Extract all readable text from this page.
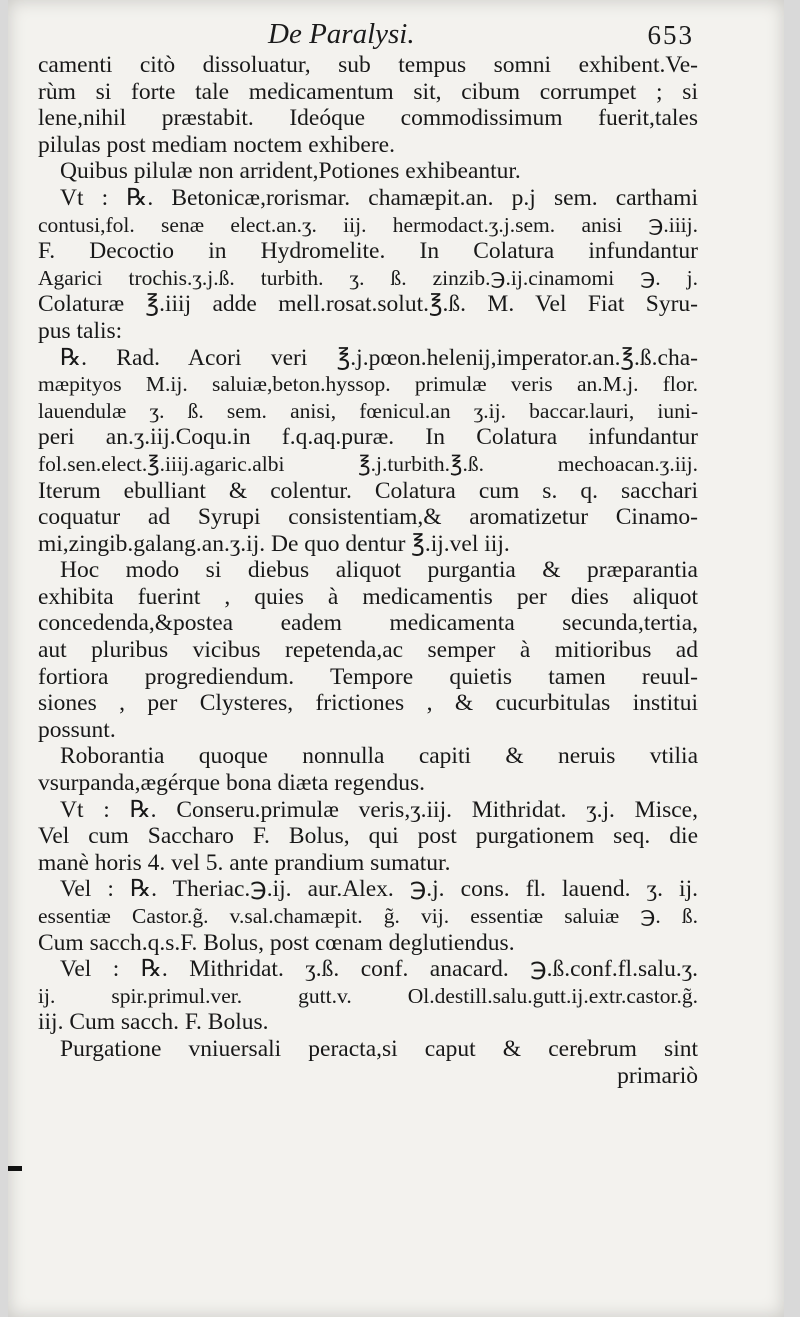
De Paralysi.	653
camenti citò dissoluatur, sub tempus somni exhibent.Ve-
rùm si forte tale medicamentum sit, cibum corrumpet ; si
lene,nihil præstabit. Ideóque commodissimum fuerit,tales
pilulas post mediam noctem exhibere.
Quibus pilulæ non arrident,Potiones exhibeantur.
Vt : ℞. Betonicæ,rorismar. chamæpit.an. p.j sem. carthami
contusi,fol. senæ elect.an.ʒ. iij. hermodact.ʒ.j.sem. anisi ℈.iiij.
F. Decoctio in Hydromelite. In Colatura infundantur
Agarici trochis.ʒ.j.ß. turbith. ʒ. ß. zinzib.℈.ij.cinamomi ℈. j.
Colaturæ ℥.iiij adde mell.rosat.solut.℥.ß. M. Vel Fiat Syru-
pus talis:
℞. Rad. Acori veri ℥.j.pœon.helenij,imperator.an.℥.ß.cha-
mæpityos M.ij. saluiæ,beton.hyssop. primulæ veris an.M.j. flor.
lauendulæ ʒ. ß. sem. anisi, fœnicul.an ʒ.ij. baccar.lauri, iuni-
peri an.ʒ.iij.Coqu.in f.q.aq.puræ. In Colatura infundantur
fol.sen.elect.℥.iiij.agaric.albi ℥.j.turbith.℥.ß. mechoacan.ʒ.iij.
Iterum ebulliant & colentur. Colatura cum s. q. sacchari
coquatur ad Syrupi consistentiam,& aromatizetur Cinamo-
mi,zingib.galang.an.ʒ.ij. De quo dentur ℥.ij.vel iij.
Hoc modo si diebus aliquot purgantia & præparantia
exhibita fuerint , quies à medicamentis per dies aliquot
concedenda,&postea eadem medicamenta secunda,tertia,
aut pluribus vicibus repetenda,ac semper à mitioribus ad
fortiora progrediendum. Tempore quietis tamen reuul-
siones , per Clysteres, frictiones , & cucurbitulas institui
possunt.
Roborantia quoque nonnulla capiti & neruis vtilia
vsurpanda,ægérque bona diæta regendus.
Vt : ℞. Conseru.primulæ veris,ʒ.iij. Mithridat. ʒ.j. Misce,
Vel cum Saccharo F. Bolus, qui post purgationem seq. die
manè horis 4. vel 5. ante prandium sumatur.
Vel : ℞. Theriac.℈.ij. aur.Alex. ℈.j. cons. fl. lauend. ʒ. ij.
essentiæ Castor.g̃. v.sal.chamæpit. g̃. vij. essentiæ saluiæ ℈. ß.
Cum sacch.q.s.F. Bolus, post cœnam deglutiendus.
Vel : ℞. Mithridat. ʒ.ß. conf. anacard. ℈.ß.conf.fl.salu.ʒ.
ij. spir.primul.ver. gutt.v. Ol.destill.salu.gutt.ij.extr.castor.g̃.
iij. Cum sacch. F. Bolus.
Purgatione vniuersali peracta,si caput & cerebrum sint
primariò
